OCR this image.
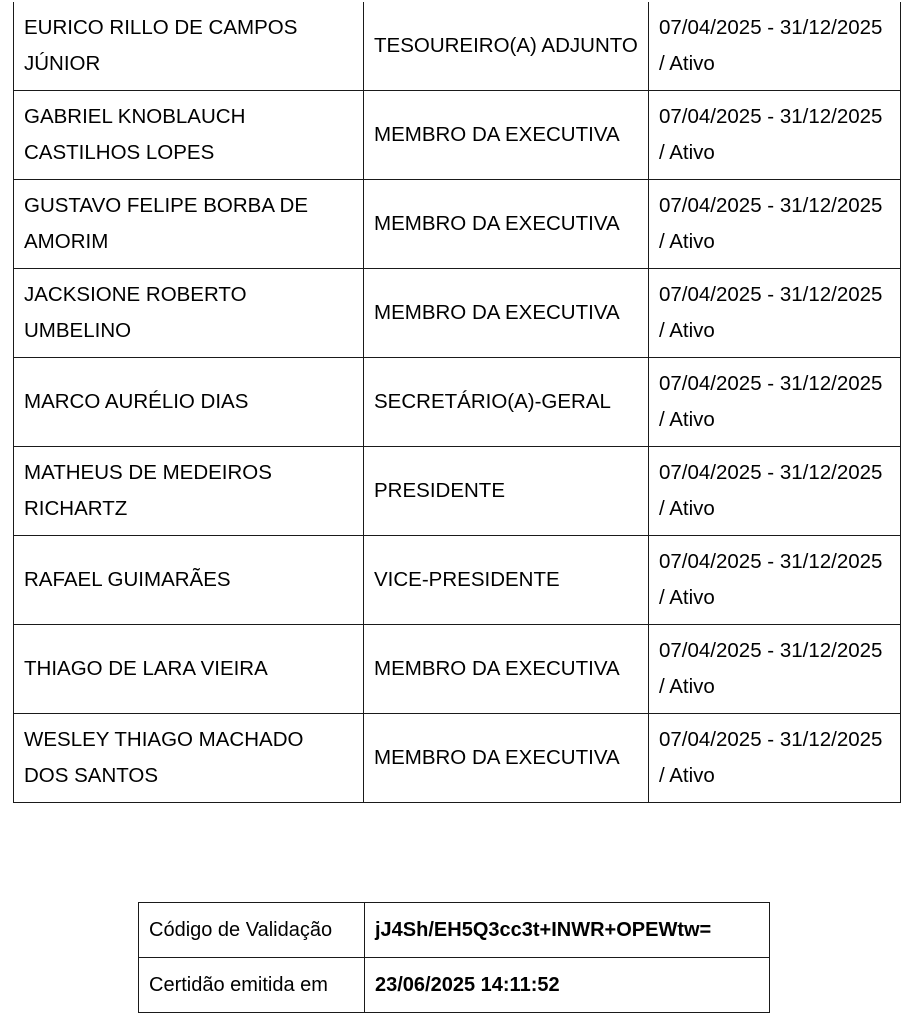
EURICO RILLO DE CAMPOS JÚNIOR	TESOUREIRO(A) ADJUNTO	07/04/2025 - 31/12/2025 / Ativo
GABRIEL KNOBLAUCH CASTILHOS LOPES	MEMBRO DA EXECUTIVA	07/04/2025 - 31/12/2025 / Ativo
GUSTAVO FELIPE BORBA DE AMORIM	MEMBRO DA EXECUTIVA	07/04/2025 - 31/12/2025 / Ativo
JACKSIONE ROBERTO UMBELINO	MEMBRO DA EXECUTIVA	07/04/2025 - 31/12/2025 / Ativo
MARCO AURÉLIO DIAS	SECRETÁRIO(A)-GERAL	07/04/2025 - 31/12/2025 / Ativo
MATHEUS DE MEDEIROS RICHARTZ	PRESIDENTE	07/04/2025 - 31/12/2025 / Ativo
RAFAEL GUIMARÃES	VICE-PRESIDENTE	07/04/2025 - 31/12/2025 / Ativo
THIAGO DE LARA VIEIRA	MEMBRO DA EXECUTIVA	07/04/2025 - 31/12/2025 / Ativo
WESLEY THIAGO MACHADO DOS SANTOS	MEMBRO DA EXECUTIVA	07/04/2025 - 31/12/2025 / Ativo
Código de Validação	jJ4Sh/EH5Q3cc3t+INWR+OPEWtw=
Certidão emitida em	23/06/2025 14:11:52
